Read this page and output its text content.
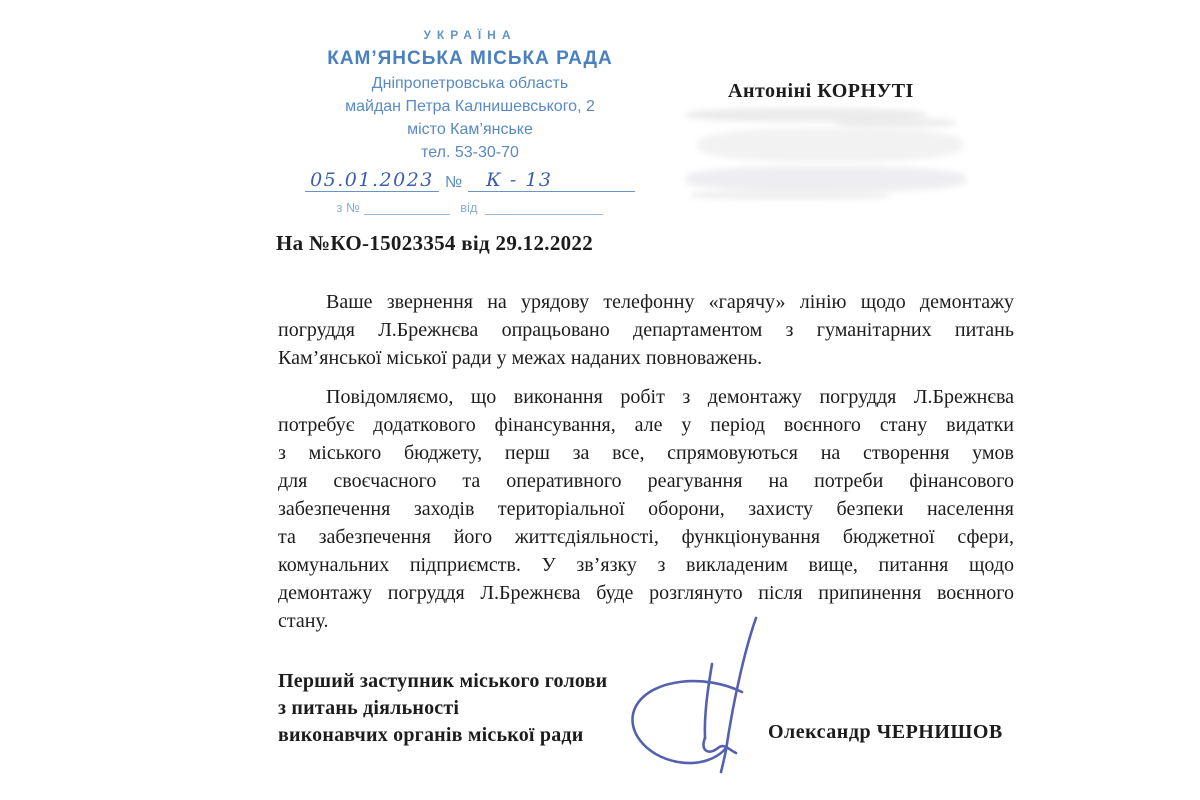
УКРАЇНА
КАМ’ЯНСЬКА МІСЬКА РАДА
Дніпропетровська область
майдан Петра Калнишевського, 2
місто Кам’янське
тел. 53-30-70
05.01.2023 №	К - 13
з №	від
Антоніні КОРНУТІ
На №КО-15023354 від 29.12.2022
Ваше звернення на урядову телефонну «гарячу» лінію щодо демонтажу
погруддя Л.Брежнєва опрацьовано департаментом з гуманітарних питань
Кам’янської міської ради у межах наданих повноважень.
Повідомляємо, що виконання робіт з демонтажу погруддя Л.Брежнєва
потребує додаткового фінансування, але у період воєнного стану видатки
з міського бюджету, перш за все, спрямовуються на створення умов
для своєчасного та оперативного реагування на потреби фінансового
забезпечення заходів територіальної оборони, захисту безпеки населення
та забезпечення його життєдіяльності, функціонування бюджетної сфери,
комунальних підприємств. У зв’язку з викладеним вище, питання щодо
демонтажу погруддя Л.Брежнєва буде розглянуто після припинення воєнного
стану.
Перший заступник міського голови
з питань діяльності
виконавчих органів міської ради	Олександр ЧЕРНИШОВ
